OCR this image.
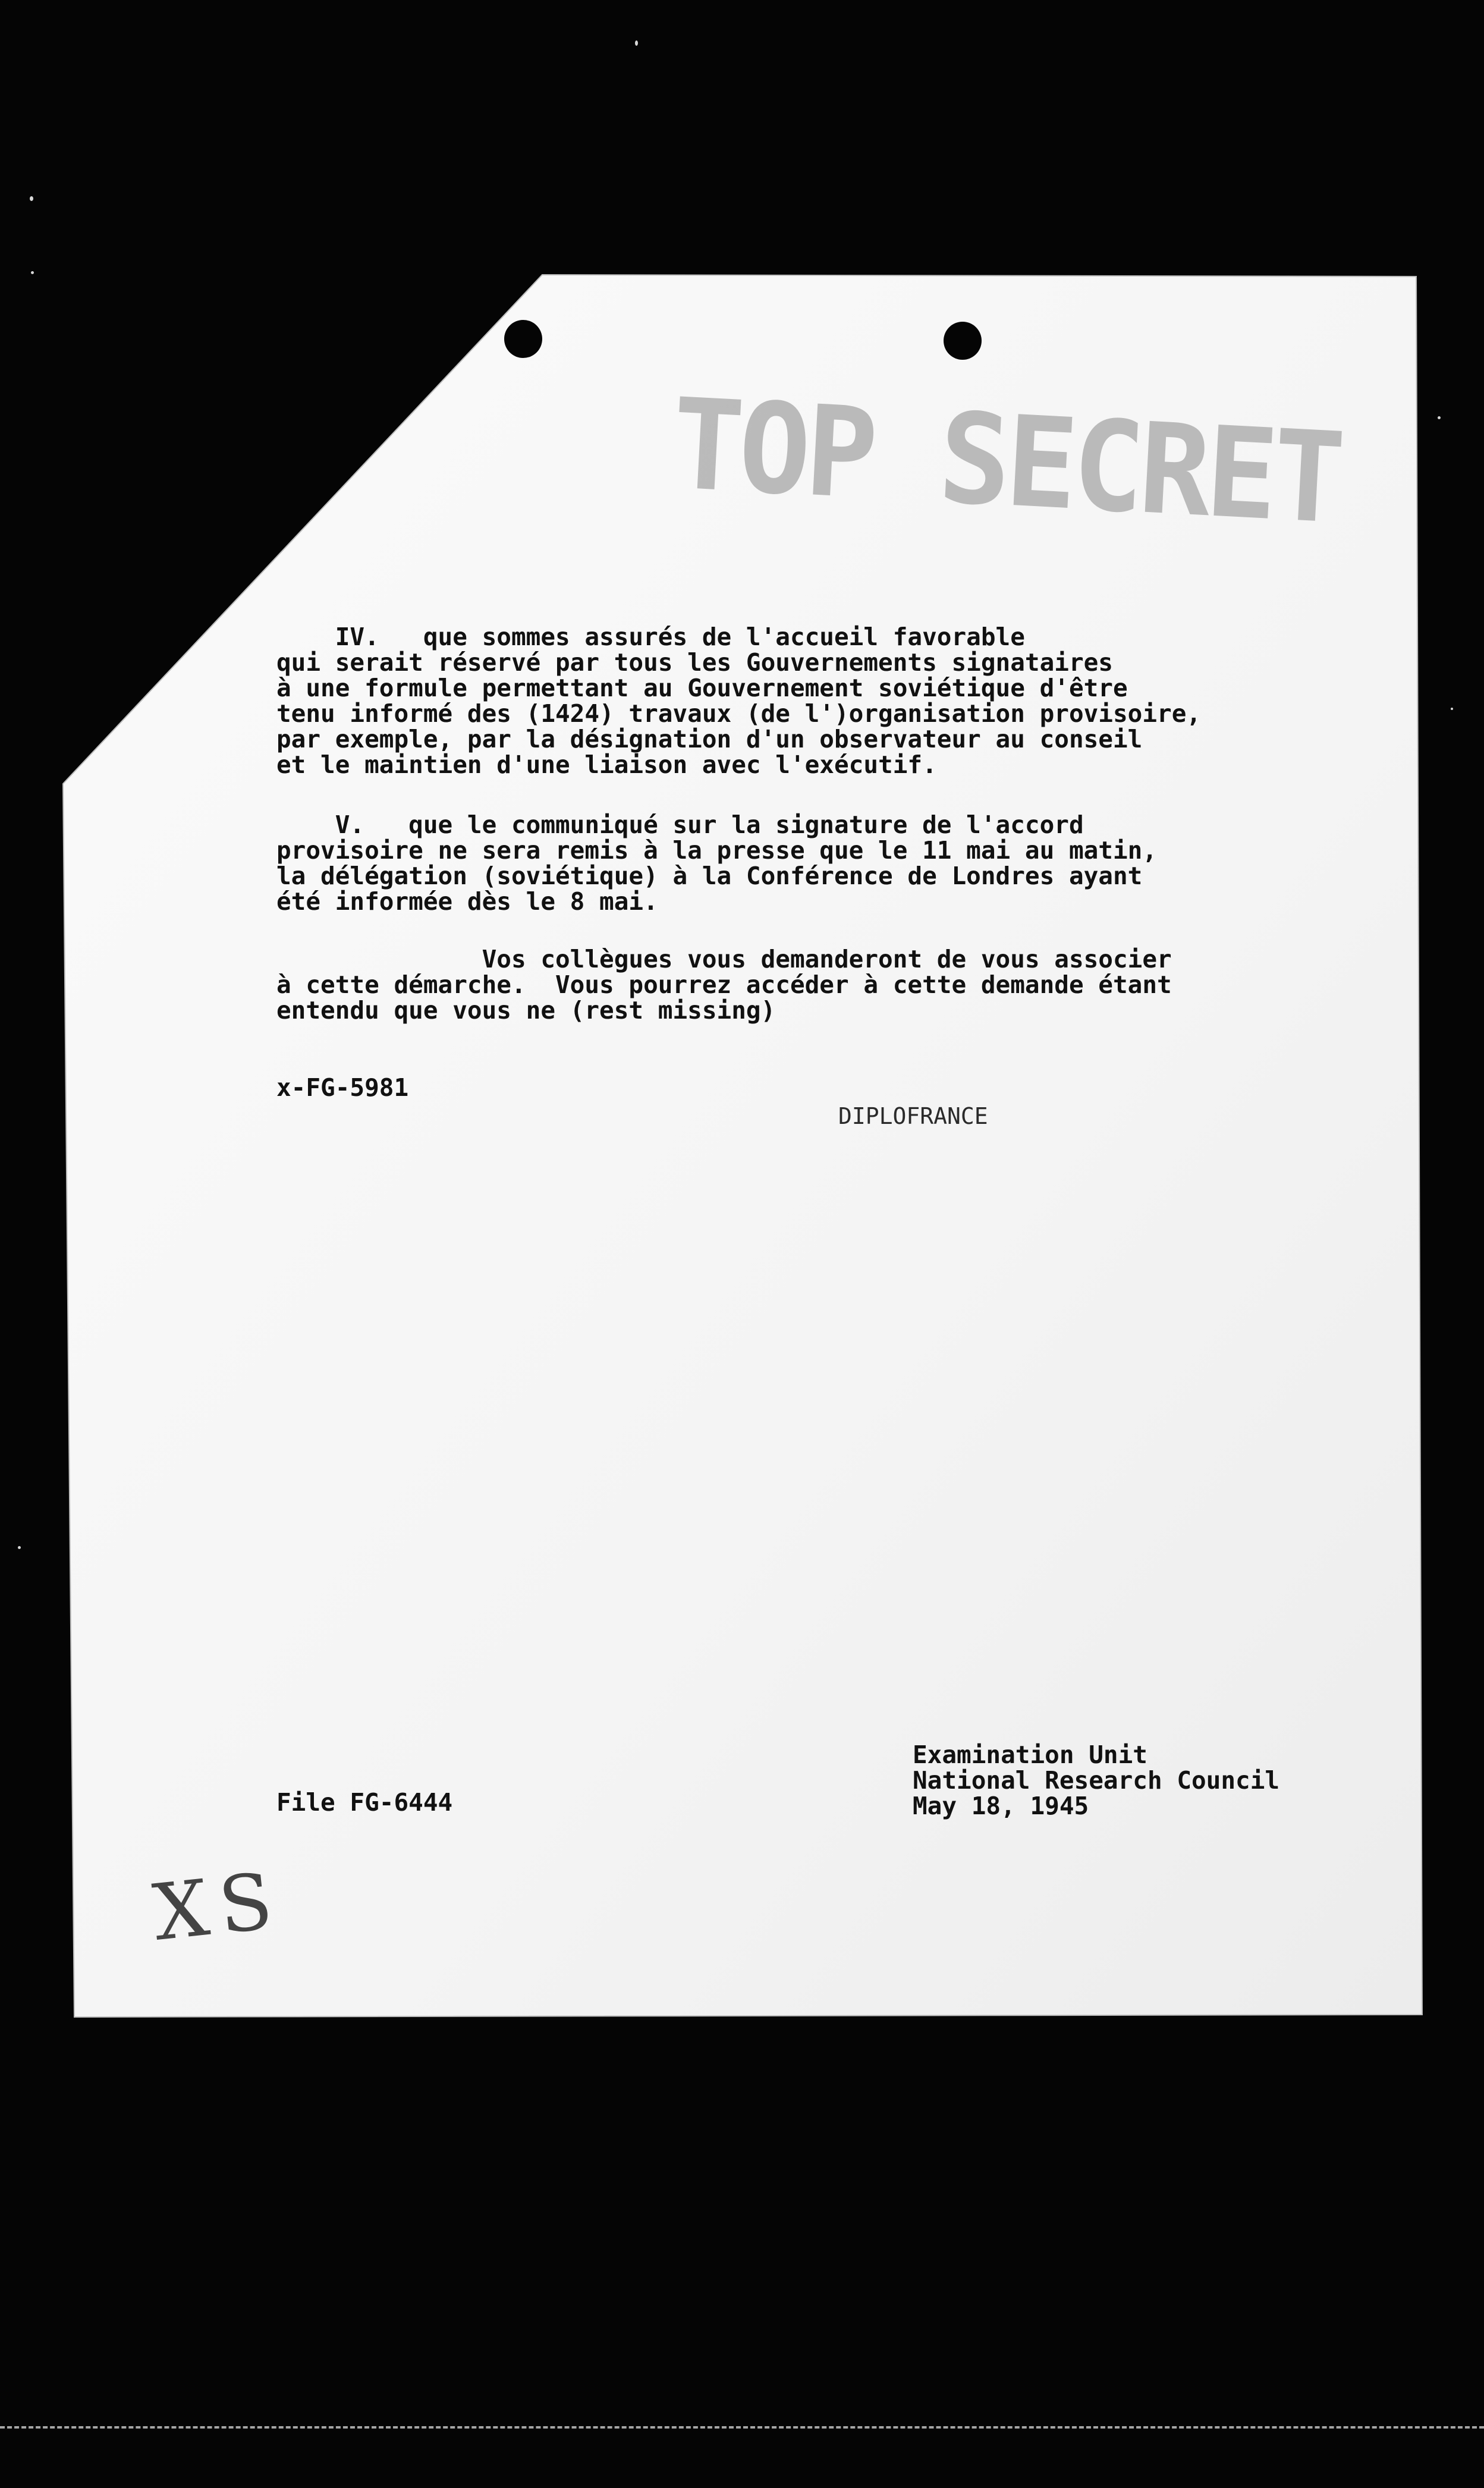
TOP SECRET

IV.   que sommes assurés de l'accueil favorable

qui serait réservé par tous les Gouvernements signataires

à une formule permettant au Gouvernement soviétique d'être

tenu informé des (1424) travaux (de l')organisation provisoire,

par exemple, par la désignation d'un observateur au conseil

et le maintien d'une liaison avec l'exécutif.

V.   que le communiqué sur la signature de l'accord

provisoire ne sera remis à la presse que le 11 mai au matin,

la délégation (soviétique) à la Conférence de Londres ayant

été informée dès le 8 mai.

Vos collègues vous demanderont de vous associer

à cette démarche.  Vous pourrez accéder à cette demande étant

entendu que vous ne (rest missing)

x-FG-5981

DIPLOFRANCE

Examination Unit

National Research Council

May 18, 1945

File FG-6444

XS
